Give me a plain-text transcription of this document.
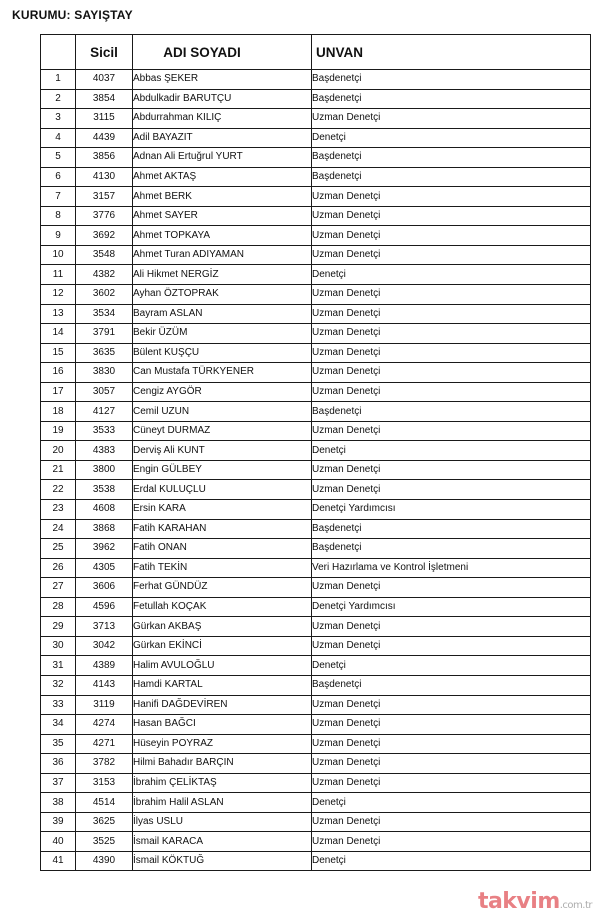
KURUMU: SAYIŞTAY
	Sicil	ADI SOYADI	UNVAN
1	4037	Abbas ŞEKER	Başdenetçi
2	3854	Abdulkadir BARUTÇU	Başdenetçi
3	3115	Abdurrahman KILIÇ	Uzman Denetçi
4	4439	Adil BAYAZIT	Denetçi
5	3856	Adnan Ali Ertuğrul YURT	Başdenetçi
6	4130	Ahmet AKTAŞ	Başdenetçi
7	3157	Ahmet BERK	Uzman Denetçi
8	3776	Ahmet SAYER	Uzman Denetçi
9	3692	Ahmet TOPKAYA	Uzman Denetçi
10	3548	Ahmet Turan ADIYAMAN	Uzman Denetçi
11	4382	Ali Hikmet NERGİZ	Denetçi
12	3602	Ayhan ÖZTOPRAK	Uzman Denetçi
13	3534	Bayram ASLAN	Uzman Denetçi
14	3791	Bekir ÜZÜM	Uzman Denetçi
15	3635	Bülent KUŞÇU	Uzman Denetçi
16	3830	Can Mustafa TÜRKYENER	Uzman Denetçi
17	3057	Cengiz AYGÖR	Uzman Denetçi
18	4127	Cemil UZUN	Başdenetçi
19	3533	Cüneyt DURMAZ	Uzman Denetçi
20	4383	Derviş Ali KUNT	Denetçi
21	3800	Engin GÜLBEY	Uzman Denetçi
22	3538	Erdal KULUÇLU	Uzman Denetçi
23	4608	Ersin KARA	Denetçi Yardımcısı
24	3868	Fatih KARAHAN	Başdenetçi
25	3962	Fatih ONAN	Başdenetçi
26	4305	Fatih TEKİN	Veri Hazırlama ve Kontrol İşletmeni
27	3606	Ferhat GÜNDÜZ	Uzman Denetçi
28	4596	Fetullah KOÇAK	Denetçi Yardımcısı
29	3713	Gürkan AKBAŞ	Uzman Denetçi
30	3042	Gürkan EKİNCİ	Uzman Denetçi
31	4389	Halim AVULOĞLU	Denetçi
32	4143	Hamdi KARTAL	Başdenetçi
33	3119	Hanifi DAĞDEVİREN	Uzman Denetçi
34	4274	Hasan BAĞCI	Uzman Denetçi
35	4271	Hüseyin POYRAZ	Uzman Denetçi
36	3782	Hilmi Bahadır BARÇIN	Uzman Denetçi
37	3153	İbrahim ÇELİKTAŞ	Uzman Denetçi
38	4514	İbrahim Halil ASLAN	Denetçi
39	3625	İlyas USLU	Uzman Denetçi
40	3525	İsmail KARACA	Uzman Denetçi
41	4390	İsmail KÖKTUĞ	Denetçi
takvim.com.tr
